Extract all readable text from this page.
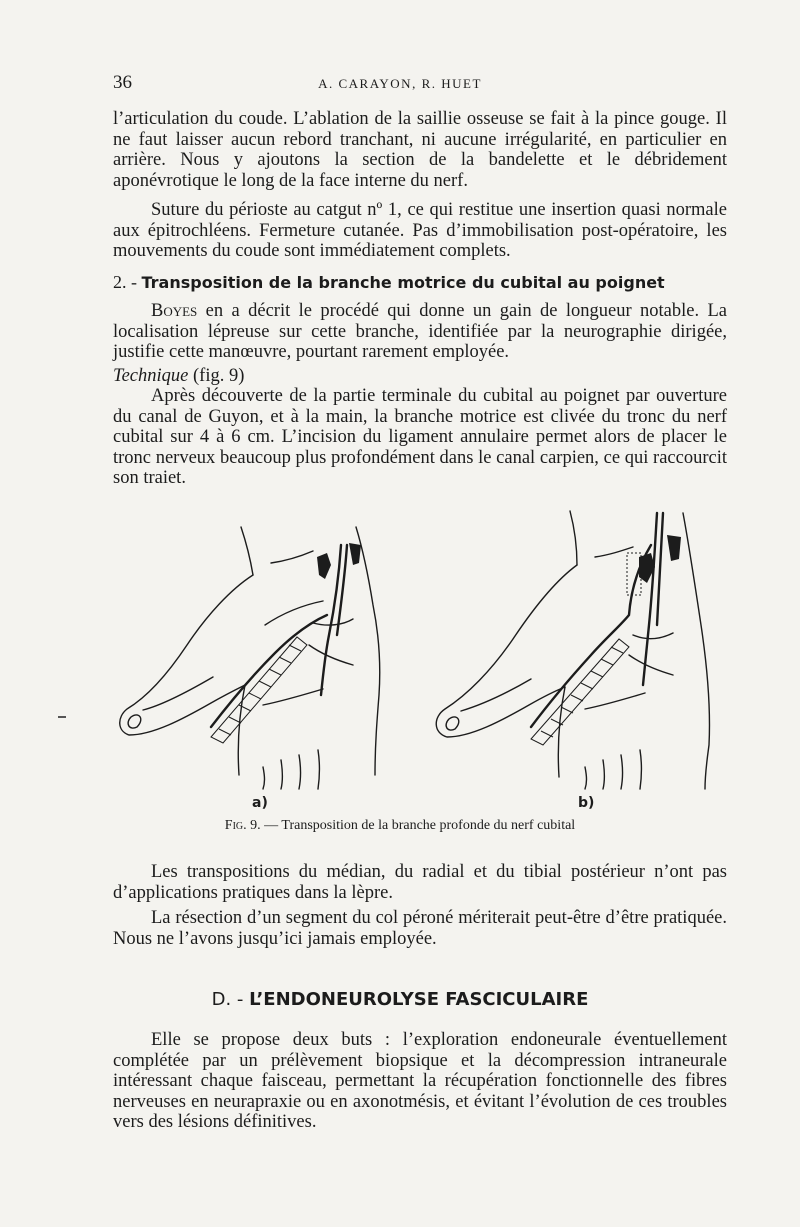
36	A. CARAYON, R. HUET

l’articulation du coude. L’ablation de la saillie osseuse se fait à la pince gouge. Il ne faut laisser aucun rebord tranchant, ni aucune irrégularité, en particulier en arrière. Nous y ajoutons la section de la bandelette et le débridement aponévrotique le long de la face interne du nerf.

Suture du périoste au catgut nº 1, ce qui restitue une insertion quasi normale aux épitrochléens. Fermeture cutanée. Pas d’immobilisation post-opératoire, les mouvements du coude sont immédiatement complets.

2. - Transposition de la branche motrice du cubital au poignet

Boyes en a décrit le procédé qui donne un gain de longueur notable. La localisation lépreuse sur cette branche, identifiée par la neurographie dirigée, justifie cette manœuvre, pourtant rarement employée.

Technique (fig. 9)

Après découverte de la partie terminale du cubital au poignet par ouverture du canal de Guyon, et à la main, la branche motrice est clivée du tronc du nerf cubital sur 4 à 6 cm. L’incision du ligament annulaire permet alors de placer le tronc nerveux beaucoup plus profondément dans le canal carpien, ce qui raccourcit son traiet.

a)	b)
Fig. 9. — Transposition de la branche profonde du nerf cubital

Les transpositions du médian, du radial et du tibial postérieur n’ont pas d’applications pratiques dans la lèpre.

La résection d’un segment du col péroné mériterait peut-être d’être pratiquée. Nous ne l’avons jusqu’ici jamais employée.

D. - L’ENDONEUROLYSE FASCICULAIRE

Elle se propose deux buts : l’exploration endoneurale éventuellement complétée par un prélèvement biopsique et la décompression intraneurale intéressant chaque faisceau, permettant la récupération fonctionnelle des fibres nerveuses en neurapraxie ou en axonotmésis, et évitant l’évolution de ces troubles vers des lésions définitives.
